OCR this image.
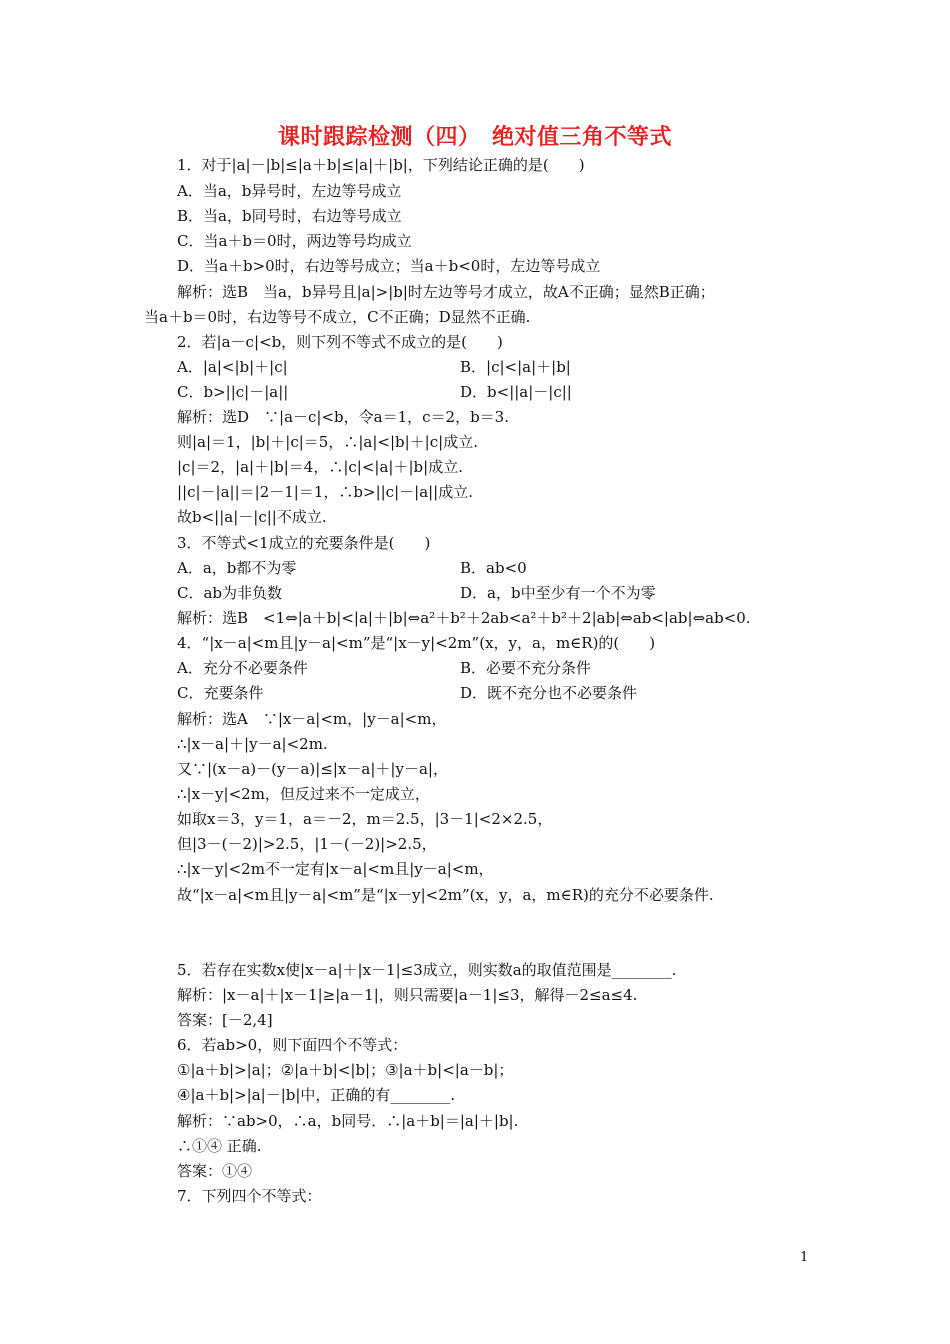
课时跟踪检测（四）　绝对值三角不等式

1．对于|a|－|b|≤|a＋b|≤|a|＋|b|，下列结论正确的是(　　)

A．当a，b异号时，左边等号成立

B．当a，b同号时，右边等号成立

C．当a＋b＝0时，两边等号均成立

D．当a＋b>0时，右边等号成立；当a＋b<0时，左边等号成立

解析：选B　当a，b异号且|a|>|b|时左边等号才成立，故A不正确；显然B正确；

当a＋b＝0时，右边等号不成立，C不正确；D显然不正确.

2．若|a－c|<b，则下列不等式不成立的是(　　)

A．|a|<|b|＋|c|	B．|c|<|a|＋|b|

C．b>||c|－|a||	D．b<||a|－|c||

解析：选D　∵|a－c|<b，令a＝1，c＝2，b＝3.

则|a|＝1，|b|＋|c|＝5，∴|a|<|b|＋|c|成立.

|c|＝2，|a|＋|b|＝4，∴|c|<|a|＋|b|成立.

||c|－|a||＝|2－1|＝1，∴b>||c|－|a||成立.

故b<||a|－|c||不成立.

3．不等式<1成立的充要条件是(　　)

A．a，b都不为零	B．ab<0

C．ab为非负数	D．a，b中至少有一个不为零

解析：选B　<1⇔|a＋b|<|a|＋|b|⇔a²＋b²＋2ab<a²＋b²＋2|ab|⇔ab<|ab|⇔ab<0.

4．“|x－a|<m且|y－a|<m”是“|x－y|<2m”(x，y，a，m∈R)的(　　)

A．充分不必要条件	B．必要不充分条件

C．充要条件	D．既不充分也不必要条件

解析：选A　∵|x－a|<m，|y－a|<m，

∴|x－a|＋|y－a|<2m.

又∵|(x－a)－(y－a)|≤|x－a|＋|y－a|，

∴|x－y|<2m，但反过来不一定成立，

如取x＝3，y＝1，a＝－2，m＝2.5，|3－1|<2×2.5，

但|3－(－2)|>2.5，|1－(－2)|>2.5，

∴|x－y|<2m不一定有|x－a|<m且|y－a|<m，

故“|x－a|<m且|y－a|<m”是“|x－y|<2m”(x，y，a，m∈R)的充分不必要条件.

5．若存在实数x使|x－a|＋|x－1|≤3成立，则实数a的取值范围是________.

解析：|x－a|＋|x－1|≥|a－1|，则只需要|a－1|≤3，解得－2≤a≤4.

答案：[－2,4]

6．若ab>0，则下面四个不等式：

①|a＋b|>|a|；②|a＋b|<|b|；③|a＋b|<|a－b|；

④|a＋b|>|a|－|b|中，正确的有________.

解析：∵ab>0，∴a，b同号．∴|a＋b|＝|a|＋|b|.

∴①④ 正确.

答案：①④

7．下列四个不等式：

1
